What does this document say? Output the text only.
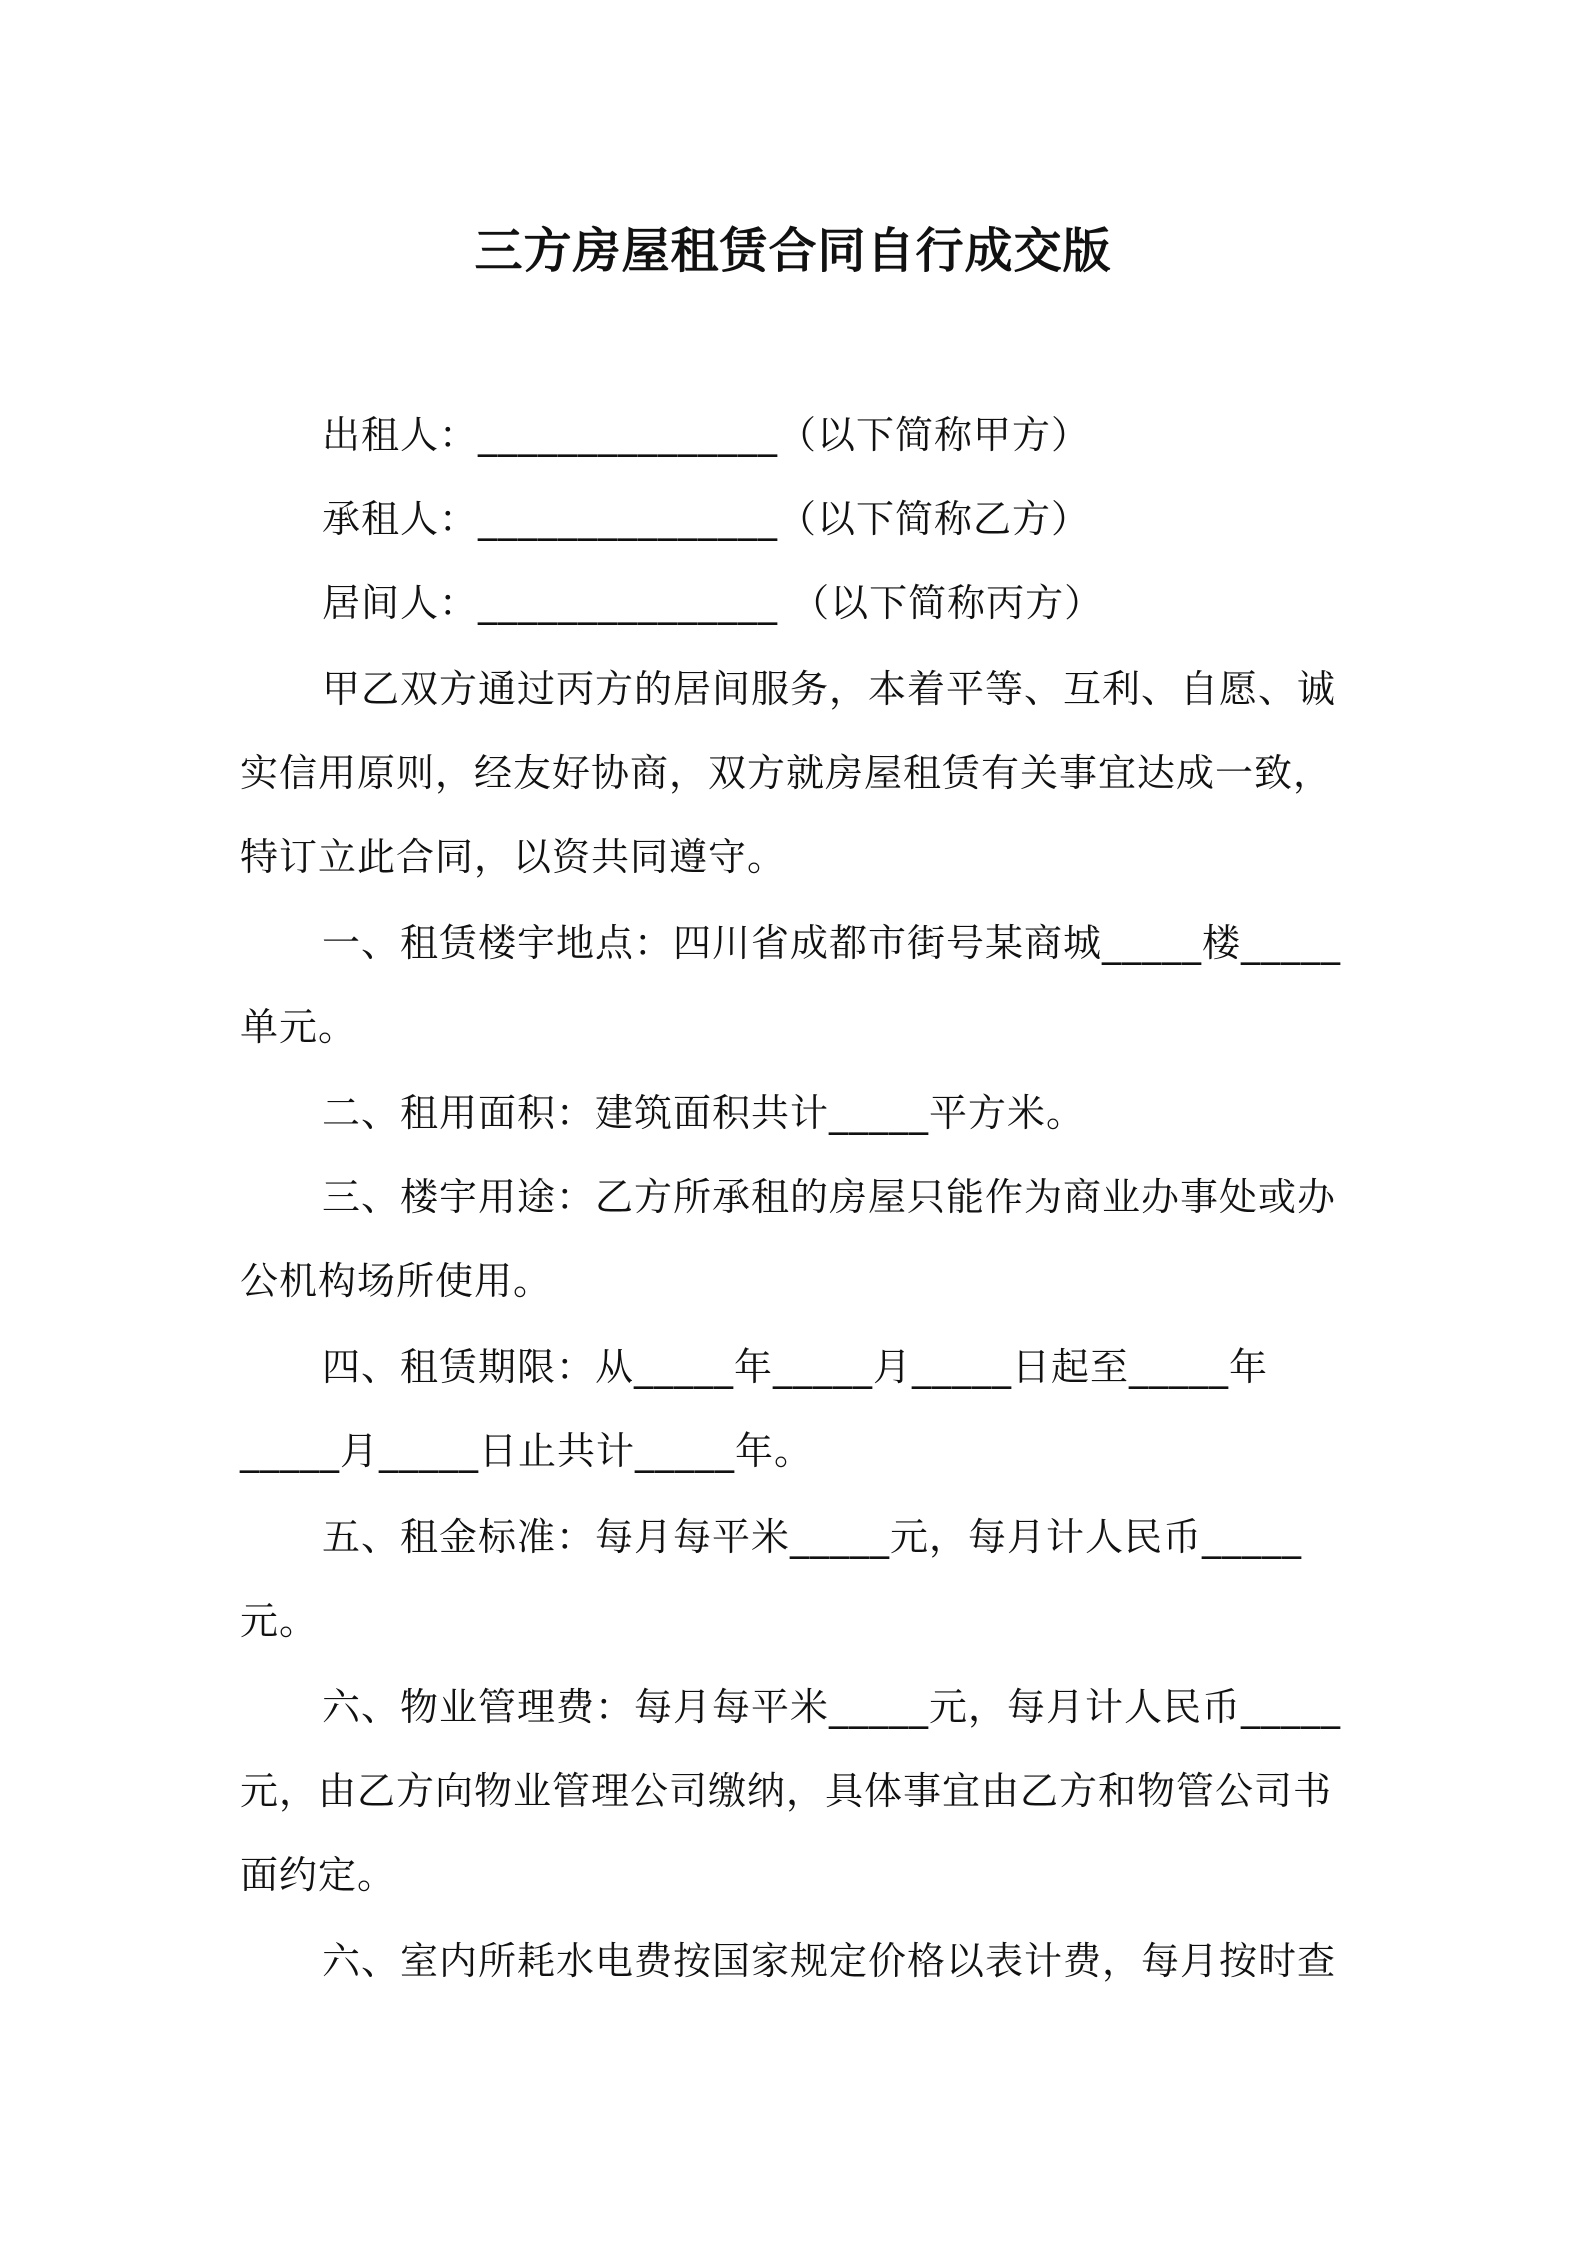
三方房屋租赁合同自行成交版
出租人：_______________（以下简称甲方）
承租人：_______________（以下简称乙方）
居间人：_______________ （以下简称丙方）
甲乙双方通过丙方的居间服务，本着平等、互利、自愿、诚
实信用原则，经友好协商，双方就房屋租赁有关事宜达成一致，
特订立此合同，以资共同遵守。
一、租赁楼宇地点：四川省成都市街号某商城_____楼_____
单元。
二、租用面积：建筑面积共计_____平方米。
三、楼宇用途：乙方所承租的房屋只能作为商业办事处或办
公机构场所使用。
四、租赁期限：从_____年_____月_____日起至_____年
_____月_____日止共计_____年。
五、租金标准：每月每平米_____元，每月计人民币_____
元。
六、物业管理费：每月每平米_____元，每月计人民币_____
元，由乙方向物业管理公司缴纳，具体事宜由乙方和物管公司书
面约定。
六、室内所耗水电费按国家规定价格以表计费，每月按时查
